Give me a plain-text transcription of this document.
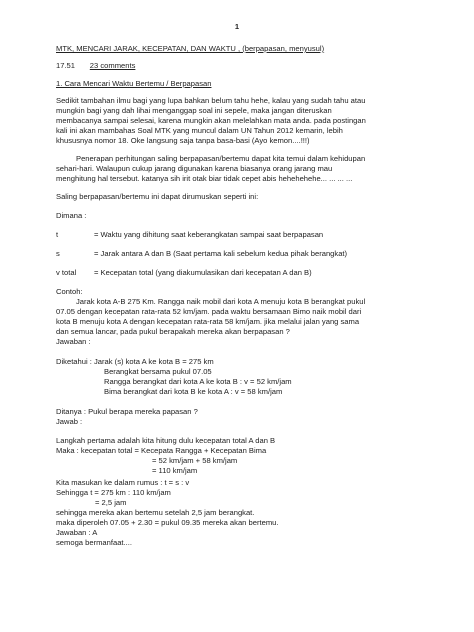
1
MTK, MENCARI JARAK, KECEPATAN, DAN WAKTU , (berpapasan, menyusul)
17.51 23 comments
1. Cara Mencari Waktu Bertemu / Berpapasan
Sedikit tambahan ilmu bagi yang lupa bahkan belum tahu hehe, kalau yang sudah tahu atau
mungkin bagi yang dah lihai menganggap soal ini sepele, maka jangan diteruskan
membacanya sampai selesai, karena mungkin akan melelahkan mata anda. pada postingan
kali ini akan mambahas Soal MTK yang muncul dalam UN Tahun 2012 kemarin, lebih
khususnya nomor 18. Oke langsung saja tanpa basa-basi (Ayo kemon....!!!)
Penerapan perhitungan saling berpapasan/bertemu dapat kita temui dalam kehidupan
sehari-hari. Walaupun cukup jarang digunakan karena biasanya orang jarang mau
menghitung hal tersebut. katanya sih irit otak biar tidak cepet abis hehehehehe... ... ... ...
Saling berpapasan/bertemu ini dapat dirumuskan seperti ini:
Dimana :
t	= Waktu yang dihitung saat keberangkatan sampai saat berpapasan
s	= Jarak antara A dan B (Saat pertama kali sebelum kedua pihak berangkat)
v total = Kecepatan total (yang diakumulasikan dari kecepatan A dan B)
Contoh:
Jarak kota A-B 275 Km. Rangga naik mobil dari kota A menuju kota B berangkat pukul
07.05 dengan kecepatan rata-rata 52 km/jam. pada waktu bersamaan Bimo naik mobil dari
kota B menuju kota A dengan kecepatan rata-rata 58 km/jam. jika melalui jalan yang sama
dan semua lancar, pada pukul berapakah mereka akan berpapasan ?
Jawaban :
Diketahui : Jarak (s) kota A ke kota B = 275 km
Berangkat bersama pukul 07.05
Rangga berangkat dari kota A ke kota B : v = 52 km/jam
Bima berangkat dari kota B ke kota A : v = 58 km/jam
Ditanya : Pukul berapa mereka papasan ?
Jawab :
Langkah pertama adalah kita hitung dulu kecepatan total A dan B
Maka : kecepatan total = Kecepata Rangga + Kecepatan Bima
= 52 km/jam + 58 km/jam
= 110 km/jam
Kita masukan ke dalam rumus : t = s : v
Sehingga t = 275 km : 110 km/jam
= 2,5 jam
sehingga mereka akan bertemu setelah 2,5 jam berangkat.
maka diperoleh 07.05 + 2.30 = pukul 09.35 mereka akan bertemu.
Jawaban : A
semoga bermanfaat....
